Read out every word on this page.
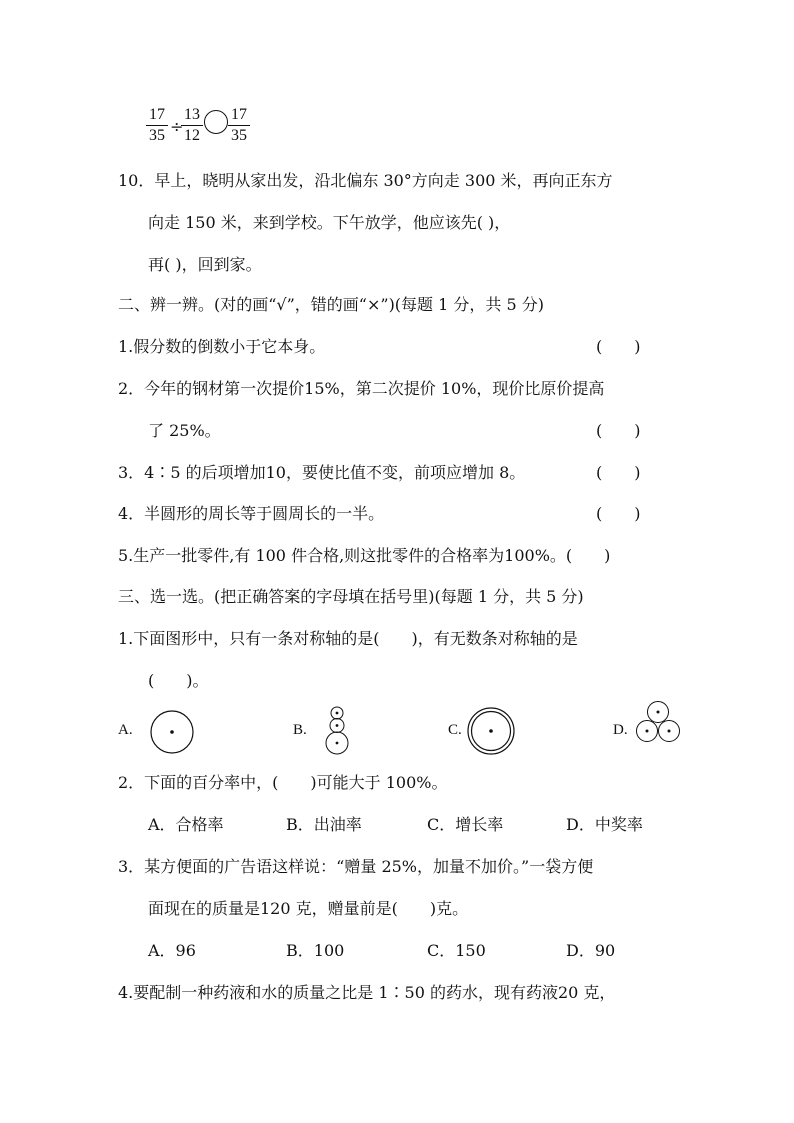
$\frac{17}{35}$ ÷
$\frac{13}{12} \frac{17}{35}$
10．早上，晓明从家出发，沿北偏东 30°方向走 300 米，再向正东方
向走 150 米，来到学校。下午放学，他应该先( )，
再( )，回到家。
二、辨一辨。(对的画“√”，错的画“×”)(每题 1 分，共 5 分)
1.假分数的倒数小于它本身。	(　　)
2．今年的钢材第一次提价15%，第二次提价 10%，现价比原价提高
了 25%。	(　　)
3．4∶5 的后项增加10，要使比值不变，前项应增加 8。	(　　)
4．半圆形的周长等于圆周长的一半。	(　　)
5.生产一批零件,有 100 件合格,则这批零件的合格率为100%。(　　)
三、选一选。(把正确答案的字母填在括号里)(每题 1 分，共 5 分)
1.下面图形中，只有一条对称轴的是(　　)，有无数条对称轴的是
(　　)。
A.	B.	C.	D.
2．下面的百分率中，(　　)可能大于 100%。
A．合格率	B．出油率	C．增长率	D．中奖率
3．某方便面的广告语这样说：“赠量 25%，加量不加价。”一袋方便
面现在的质量是120 克，赠量前是(　　)克。
A．96	B．100	C．150	D．90
4.要配制一种药液和水的质量之比是 1∶50 的药水，现有药液20 克，
